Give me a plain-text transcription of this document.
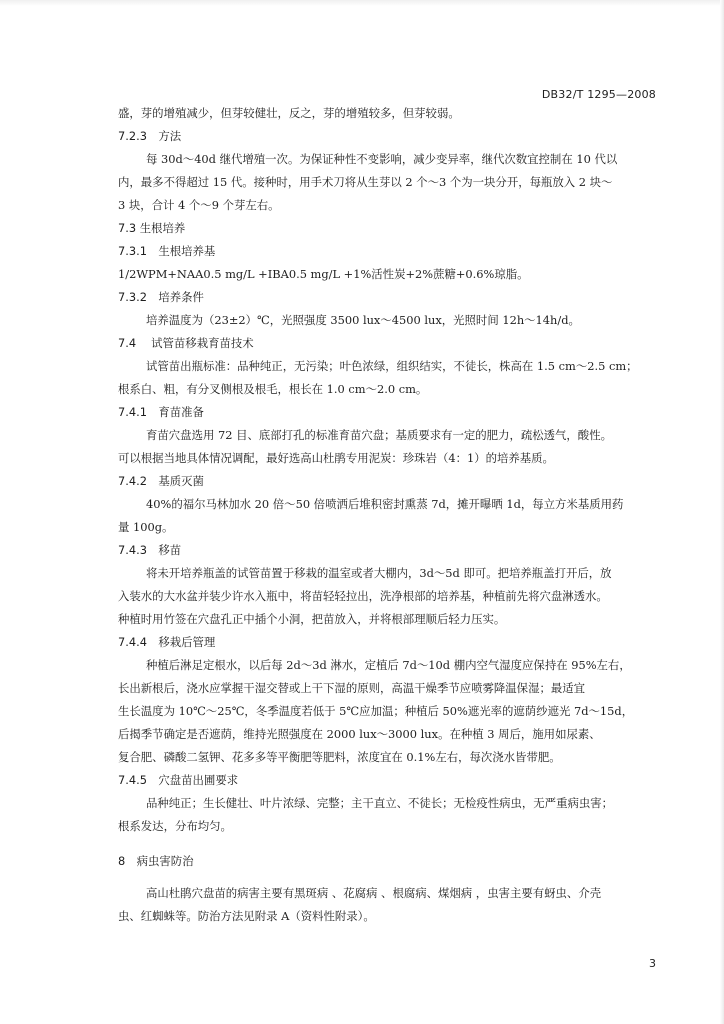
DB32/T 1295—2008
盛，芽的增殖减少，但芽较健壮，反之，芽的增殖较多，但芽较弱。
7.2.3　方法
每 30d～40d 继代增殖一次。为保证种性不变影响，减少变异率，继代次数宜控制在 10 代以
内，最多不得超过 15 代。接种时，用手术刀将从生芽以 2 个～3 个为一块分开，每瓶放入 2 块～
3 块，合计 4 个～9 个芽左右。
7.3 生根培养
7.3.1　生根培养基
1/2WPM+NAA0.5 mg/L +IBA0.5 mg/L +1%活性炭+2%蔗糖+0.6%琼脂。
7.3.2　培养条件
培养温度为（23±2）℃，光照强度 3500 lux～4500 lux，光照时间 12h～14h/d。
7.4　 试管苗移栽育苗技术
试管苗出瓶标准：品种纯正，无污染；叶色浓绿，组织结实，不徒长，株高在 1.5 cm～2.5 cm；
根系白、粗，有分叉侧根及根毛，根长在 1.0 cm～2.0 cm。
7.4.1　育苗准备
育苗穴盘选用 72 目、底部打孔的标准育苗穴盘；基质要求有一定的肥力，疏松透气，酸性。
可以根据当地具体情况调配，最好选高山杜鹃专用泥炭：珍珠岩（4：1）的培养基质。
7.4.2　基质灭菌
40%的福尔马林加水 20 倍～50 倍喷洒后堆积密封熏蒸 7d，摊开曝晒 1d，每立方米基质用药
量 100g。
7.4.3　移苗
将未开培养瓶盖的试管苗置于移栽的温室或者大棚内，3d～5d 即可。把培养瓶盖打开后，放
入装水的大水盆并装少许水入瓶中，将苗轻轻拉出，洗净根部的培养基，种植前先将穴盘淋透水。
种植时用竹签在穴盘孔正中插个小洞，把苗放入，并将根部理顺后轻力压实。
7.4.4　移栽后管理
种植后淋足定根水，以后每 2d～3d 淋水，定植后 7d～10d 棚内空气湿度应保持在 95%左右，
长出新根后，浇水应掌握干湿交替或上干下湿的原则，高温干燥季节应喷雾降温保湿；最适宜
生长温度为 10℃～25℃，冬季温度若低于 5℃应加温；种植后 50%遮光率的遮荫纱遮光 7d～15d，
后揭季节确定是否遮荫，维持光照强度在 2000 lux～3000 lux。在种植 3 周后，施用如尿素、
复合肥、磷酸二氢钾、花多多等平衡肥等肥料，浓度宜在 0.1%左右，每次浇水皆带肥。
7.4.5　穴盘苗出圃要求
品种纯正；生长健壮、叶片浓绿、完整；主干直立、不徒长；无检疫性病虫，无严重病虫害；
根系发达，分布均匀。
8　病虫害防治
高山杜鹃穴盘苗的病害主要有黑斑病 、花腐病 、根腐病、煤烟病 ，虫害主要有蚜虫、介壳
虫、红蜘蛛等。防治方法见附录 A（资料性附录）。
3
